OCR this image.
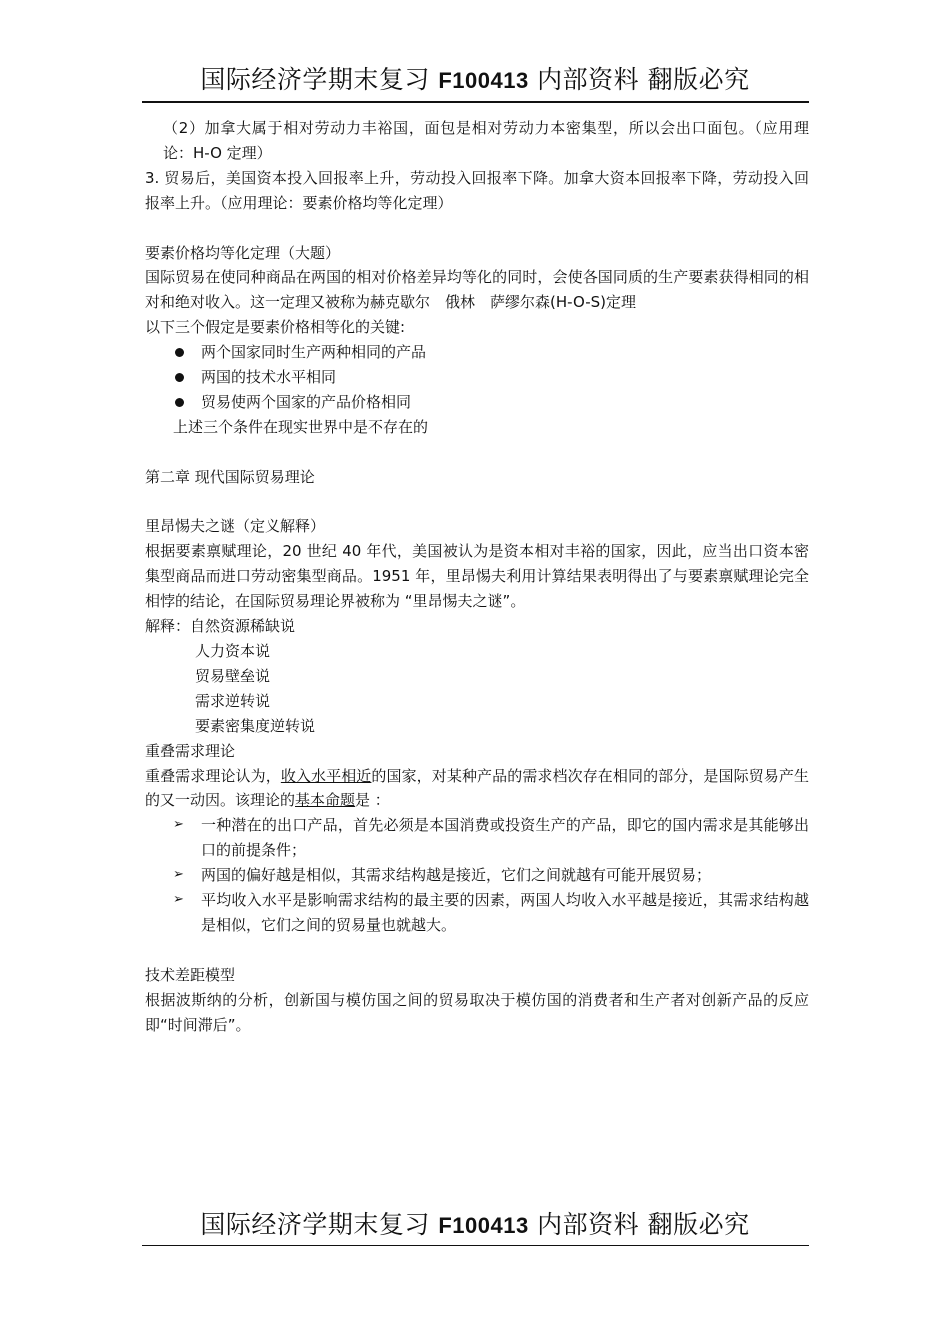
国际经济学期末复习 F100413 内部资料 翻版必究

（2）加拿大属于相对劳动力丰裕国，面包是相对劳动力本密集型，所以会出口面包。（应用理论：H-O 定理）

3. 贸易后，美国资本投入回报率上升，劳动投入回报率下降。加拿大资本回报率下降，劳动投入回报率上升。（应用理论：要素价格均等化定理）

要素价格均等化定理（大题）

国际贸易在使同种商品在两国的相对价格差异均等化的同时，会使各国同质的生产要素获得相同的相对和绝对收入。这一定理又被称为赫克歇尔　俄林　萨缪尔森(H-O-S)定理

以下三个假定是要素价格相等化的关键:

两个国家同时生产两种相同的产品
两国的技术水平相同
贸易使两个国家的产品价格相同

上述三个条件在现实世界中是不存在的

第二章 现代国际贸易理论

里昂惕夫之谜（定义解释）

根据要素禀赋理论，20 世纪 40 年代，美国被认为是资本相对丰裕的国家，因此，应当出口资本密集型商品而进口劳动密集型商品。1951 年，里昂惕夫利用计算结果表明得出了与要素禀赋理论完全相悖的结论，在国际贸易理论界被称为 “里昂惕夫之谜”。

解释：自然资源稀缺说

人力资本说

贸易壁垒说

需求逆转说

要素密集度逆转说

重叠需求理论

重叠需求理论认为，收入水平相近的国家，对某种产品的需求档次存在相同的部分，是国际贸易产生的又一动因。该理论的基本命题是 ：

➢ 一种潜在的出口产品，首先必须是本国消费或投资生产的产品，即它的国内需求是其能够出口的前提条件；

➢ 两国的偏好越是相似，其需求结构越是接近，它们之间就越有可能开展贸易；

➢ 平均收入水平是影响需求结构的最主要的因素，两国人均收入水平越是接近，其需求结构越是相似，它们之间的贸易量也就越大。

技术差距模型

根据波斯纳的分析，创新国与模仿国之间的贸易取决于模仿国的消费者和生产者对创新产品的反应即“时间滞后”。

国际经济学期末复习 F100413 内部资料 翻版必究
